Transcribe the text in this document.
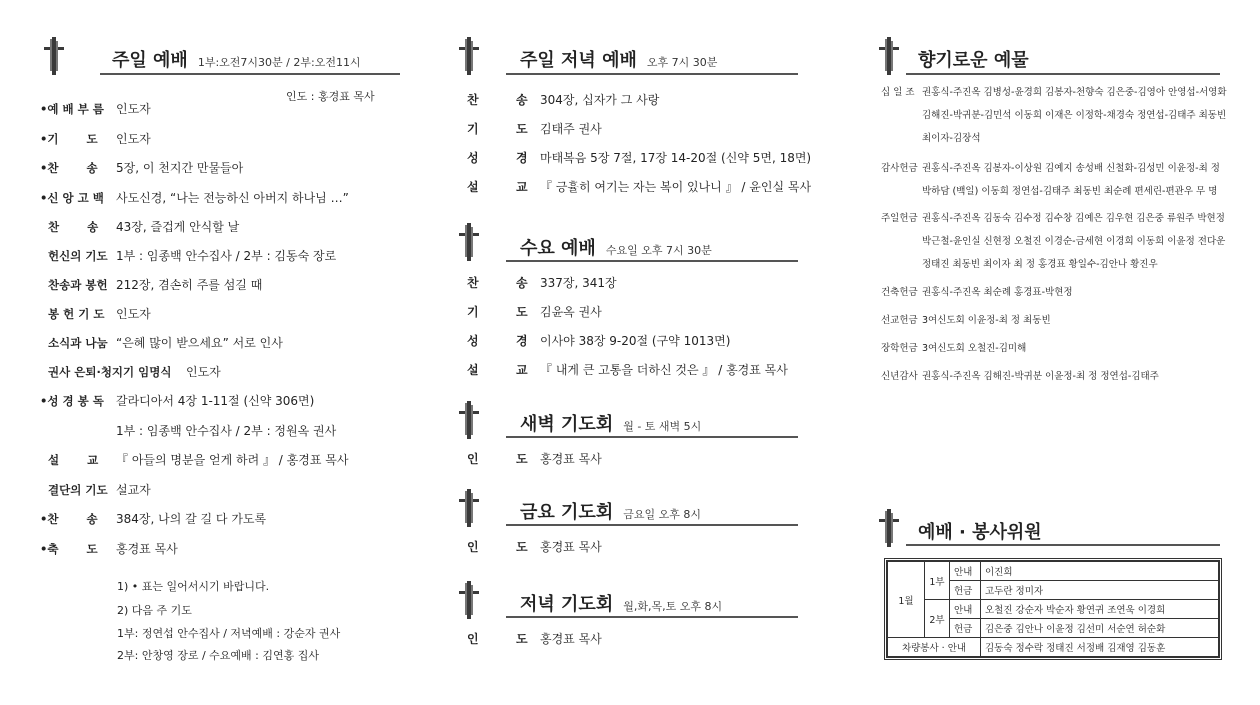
주일 예배 1부:오전7시30분 / 2부:오전11시
인도 : 홍경표 목사
•예 배 부 름 인도자
•기       도 인도자
•찬       송 5장, 이 천지간 만물들아
•신 앙 고 백 사도신경, “나는 전능하신 아버지 하나님 …”
찬       송 43장, 즐겁게 안식할 날
헌신의 기도 1부 : 임종백 안수집사 / 2부 : 김동숙 장로
찬송과 봉헌 212장, 겸손히 주를 섬길 때
봉 헌 기 도 인도자
소식과 나눔 “은혜 많이 받으세요” 서로 인사
권사 은퇴·청지기 임명식 인도자
•성 경 봉 독 갈라디아서 4장 1-11절 (신약 306면)
1부 : 임종백 안수집사 / 2부 : 정원옥 권사
설       교 『 아들의 명분을 얻게 하려 』 / 홍경표 목사
결단의 기도 설교자
•찬       송 384장, 나의 갈 길 다 가도록
•축       도 홍경표 목사
1) • 표는 일어서시기 바랍니다.
2) 다음 주 기도
1부: 정연섭 안수집사 / 저녁예배 : 강순자 권사
2부: 안창영 장로 / 수요예배 : 김연홍 집사
주일 저녁 예배 오후 7시 30분
찬	송 304장, 십자가 그 사랑
기	도 김태주 권사
성	경 마태복음 5장 7절, 17장 14-20절 (신약 5면, 18면)
설	교 『 긍휼히 여기는 자는 복이 있나니 』 / 윤인실 목사
수요 예배 수요일 오후 7시 30분
찬	송 337장, 341장
기	도 김윤옥 권사
성	경 이사야 38장 9-20절 (구약 1013면)
설	교 『 내게 큰 고통을 더하신 것은 』 / 홍경표 목사
새벽 기도회 월 - 토 새벽 5시
인	도 홍경표 목사
금요 기도회 금요일 오후 8시
인	도 홍경표 목사
저녁 기도회 월,화,목,토 오후 8시
인	도 홍경표 목사
향기로운 예물
십 일 조 권홍식-주진옥 김병성-윤경희 김봉자-천향숙 김은중-김영아 안영섭-서영화
김해진-박귀분-김민석 이동희 이재은 이정학-채경숙 정연섭-김태주 최동빈
최이자-김장석
감사헌금 권홍식-주진옥 김봉자-이상원 김예지 송성배 신철화-김성민 이윤정-최 정
박하담 (백일) 이동희 정연섭-김태주 최동빈 최순례 편세린-편관우 무 명
주일헌금 권홍식-주진옥 김동숙 김수정 김수창 김예은 김우현 김은중 류원주 박현정
박근철-윤인실 신현정 오철진 이경순-금세현 이경희 이동희 이윤정 전다운
정태진 최동빈 최이자 최 정 홍경표 황일수-김안나 황진우
건축헌금 권홍식-주진옥 최순례 홍경표-박현정
선교헌금 3여신도회 이윤정-최 정 최동빈
장학헌금 3여신도회 오철진-김미해
신년감사 권홍식-주진옥 김해진-박귀분 이윤정-최 정 정연섭-김태주
예배 · 봉사위원
1월	1부	안내	이진희
		헌금	고두란 정미자
	2부	안내	오철진 강순자 박순자 황연귀 조연욱 이경희
		헌금	김은중 김안나 이윤정 김선미 서순연 허순화
차량봉사 · 안내			김동숙 정수락 정태진 서정배 김재영 김동훈
